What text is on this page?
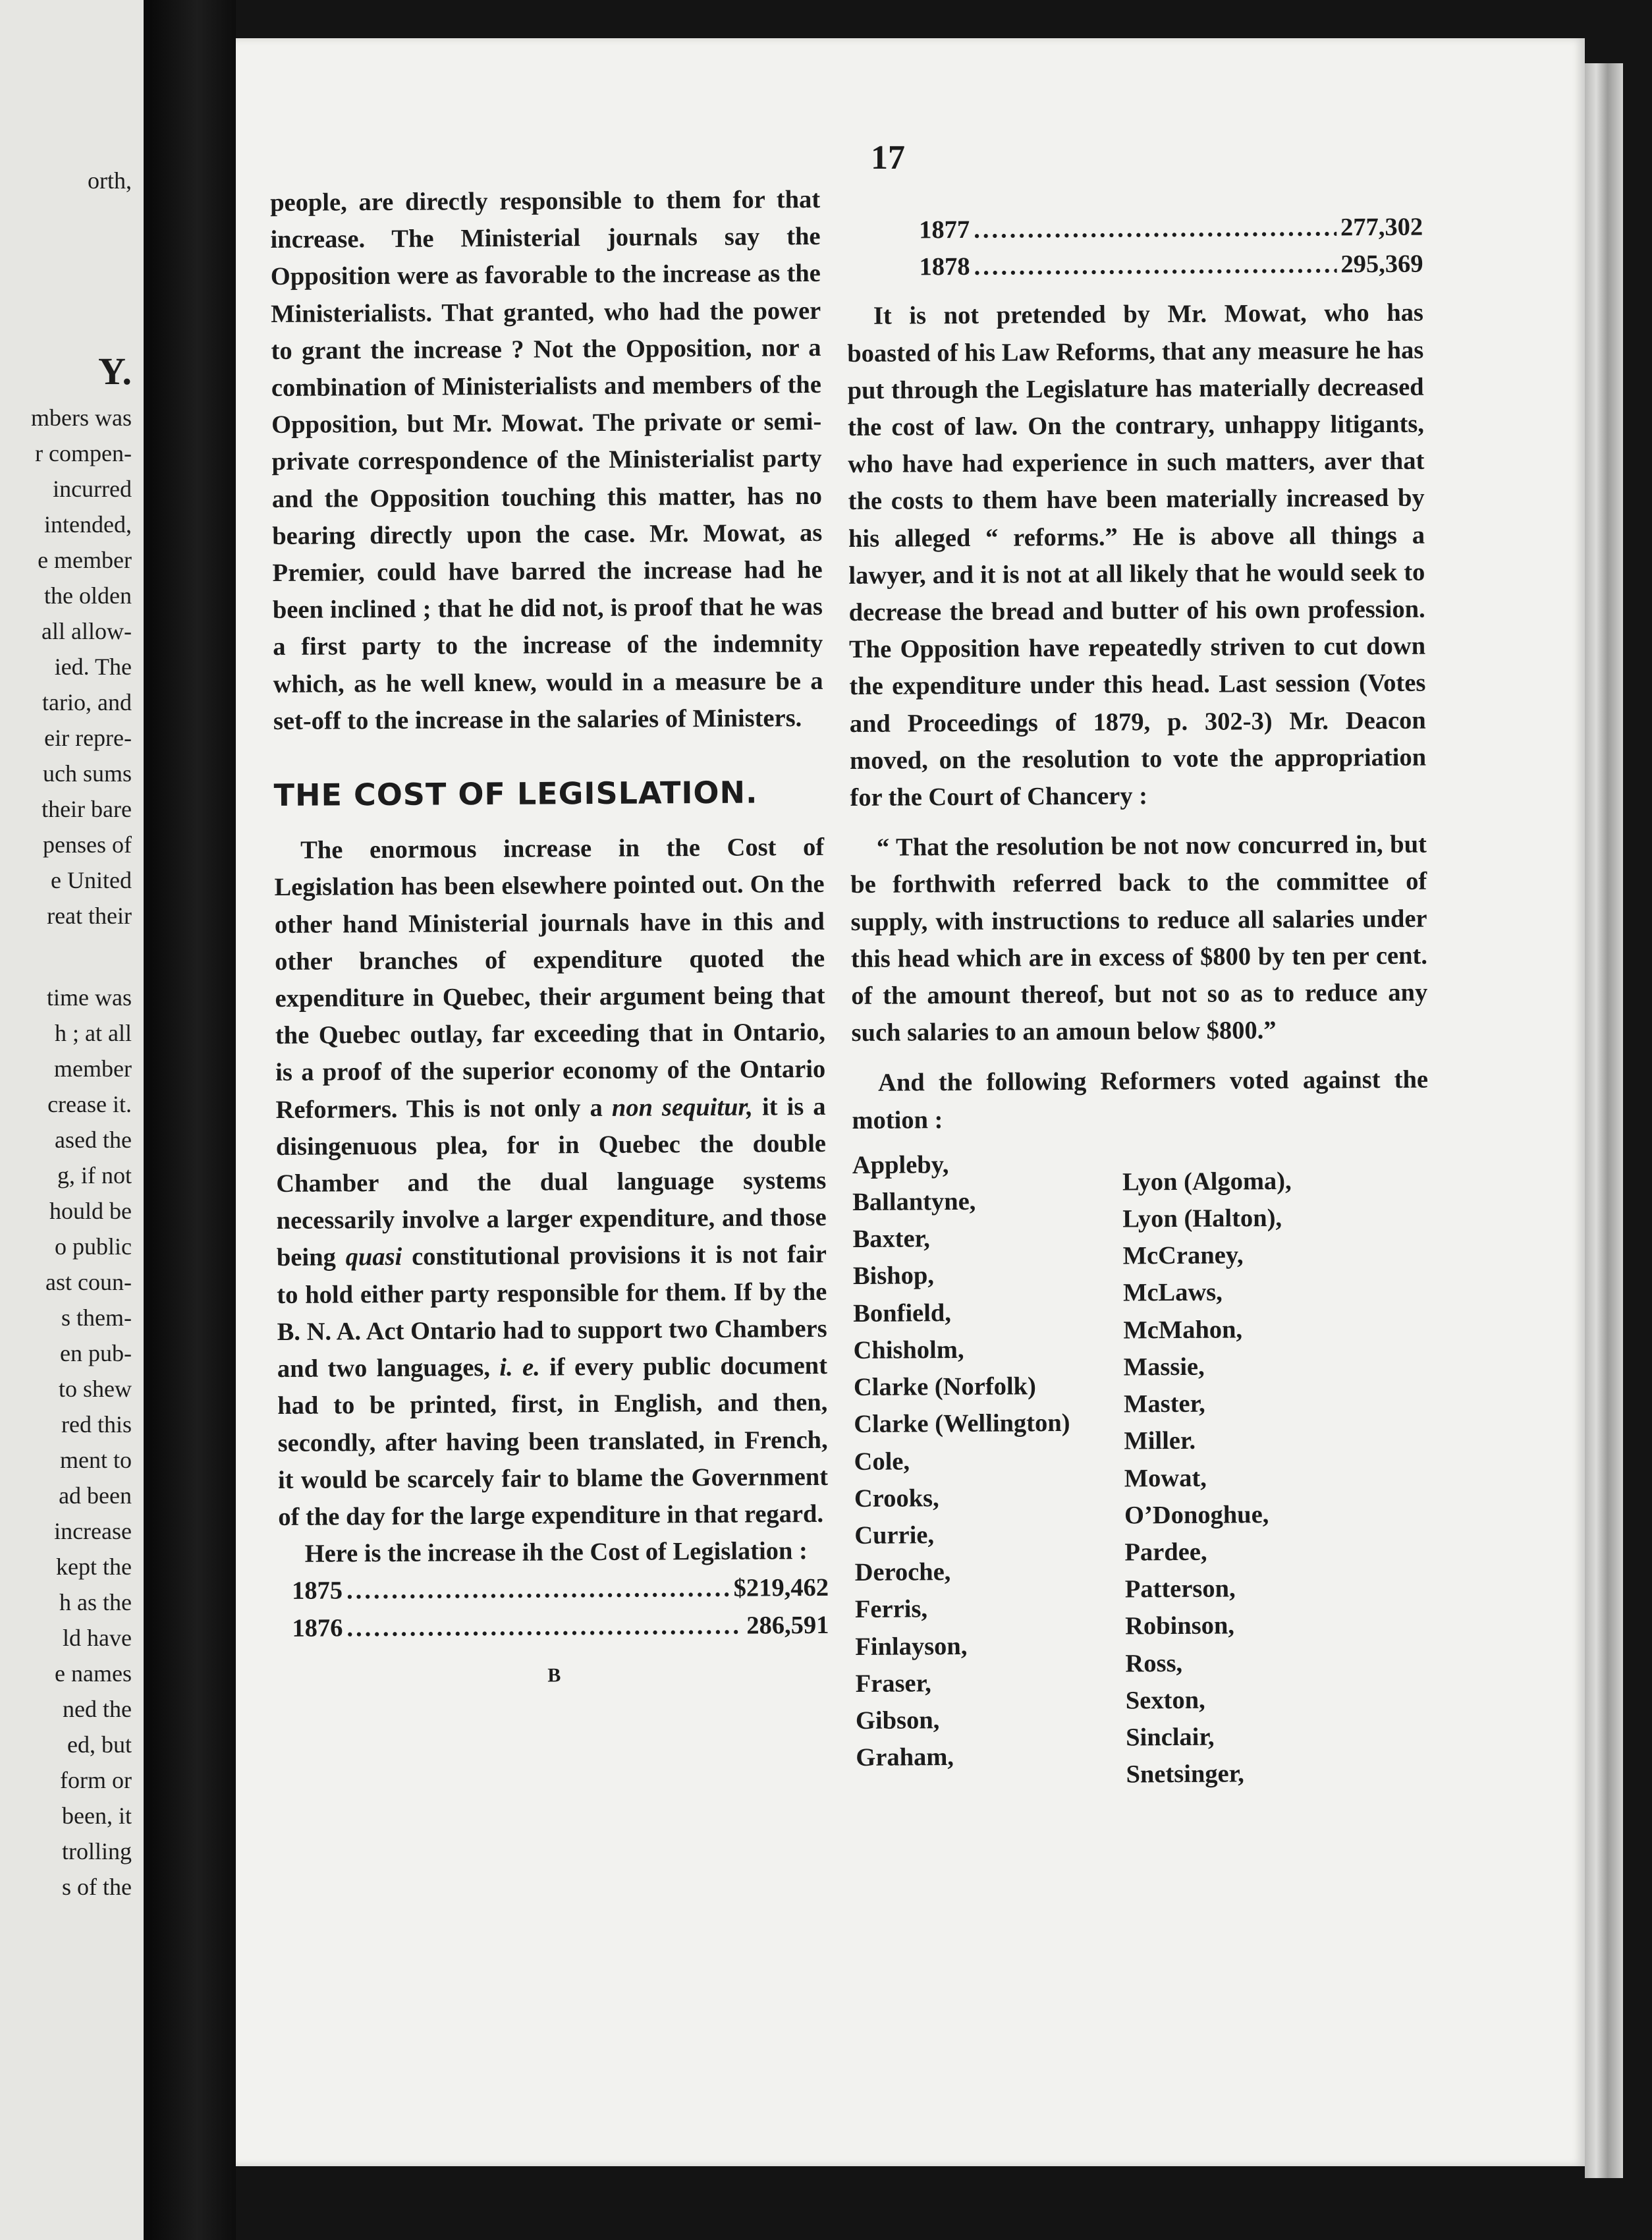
orth,
Y.
mbers was
r compen-
incurred
intended,
e member
the olden
all allow-
ied. The
tario, and
eir repre-
uch sums
their bare
penses of
e United
reat their
time was
h ; at all
member
crease it.
ased the
g, if not
hould be
o public
ast coun-
s them-
en pub-
to shew
red this
ment to
ad been
increase
kept the
h as the
ld have
e names
ned the
ed, but
form or
been, it
trolling
s of the
17

people, are directly responsible to them for that increase. The Ministerial journals say the Opposition were as favorable to the increase as the Ministerialists. That granted, who had the power to grant the increase ? Not the Opposition, nor a combination of Ministerialists and members of the Opposition, but Mr. Mowat. The private or semi-private correspondence of the Ministerialist party and the Opposition touching this matter, has no bearing directly upon the case. Mr. Mowat, as Premier, could have barred the increase had he been inclined ; that he did not, is proof that he was a first party to the increase of the indemnity which, as he well knew, would in a measure be a set-off to the increase in the salaries of Ministers.

THE COST OF LEGISLATION.

The enormous increase in the Cost of Legislation has been elsewhere pointed out. On the other hand Ministerial journals have in this and other branches of expenditure quoted the expenditure in Quebec, their argument being that the Quebec outlay, far exceeding that in Ontario, is a proof of the superior economy of the Ontario Reformers. This is not only a non sequitur, it is a disingenuous plea, for in Quebec the double Chamber and the dual language systems necessarily involve a larger expenditure, and those being quasi constitutional provisions it is not fair to hold either party responsible for them. If by the B. N. A. Act Ontario had to support two Chambers and two languages, i. e. if every public document had to be printed, first, in English, and then, secondly, after having been translated, in French, it would be scarcely fair to blame the Government of the day for the large expenditure in that regard.

Here is the increase ih the Cost of Legislation :

1875 .....	$219,462
1876 .....	286,591
B
1877 .....	277,302
1878 .....	295,369

It is not pretended by Mr. Mowat, who has boasted of his Law Reforms, that any measure he has put through the Legislature has materially decreased the cost of law. On the contrary, unhappy litigants, who have had experience in such matters, aver that the costs to them have been materially increased by his alleged “ reforms.” He is above all things a lawyer, and it is not at all likely that he would seek to decrease the bread and butter of his own profession. The Opposition have repeatedly striven to cut down the expenditure under this head. Last session (Votes and Proceedings of 1879, p. 302-3) Mr. Deacon moved, on the resolution to vote the appropriation for the Court of Chancery :

“ That the resolution be not now concurred in, but be forthwith referred back to the committee of supply, with instructions to reduce all salaries under this head which are in excess of $800 by ten per cent. of the amount thereof, but not so as to reduce any such salaries to an amoun below $800.”

And the following Reformers voted against the motion :

Appleby,
Ballantyne,
Baxter,
Bishop,
Bonfield,
Chisholm,
Clarke (Norfolk)
Clarke (Wellington)
Cole,
Crooks,
Currie,
Deroche,
Ferris,
Finlayson,
Fraser,
Gibson,
Graham,
Lyon (Algoma),
Lyon (Halton),
McCraney,
McLaws,
McMahon,
Massie,
Master,
Miller.
Mowat,
O’Donoghue,
Pardee,
Patterson,
Robinson,
Ross,
Sexton,
Sinclair,
Snetsinger,
